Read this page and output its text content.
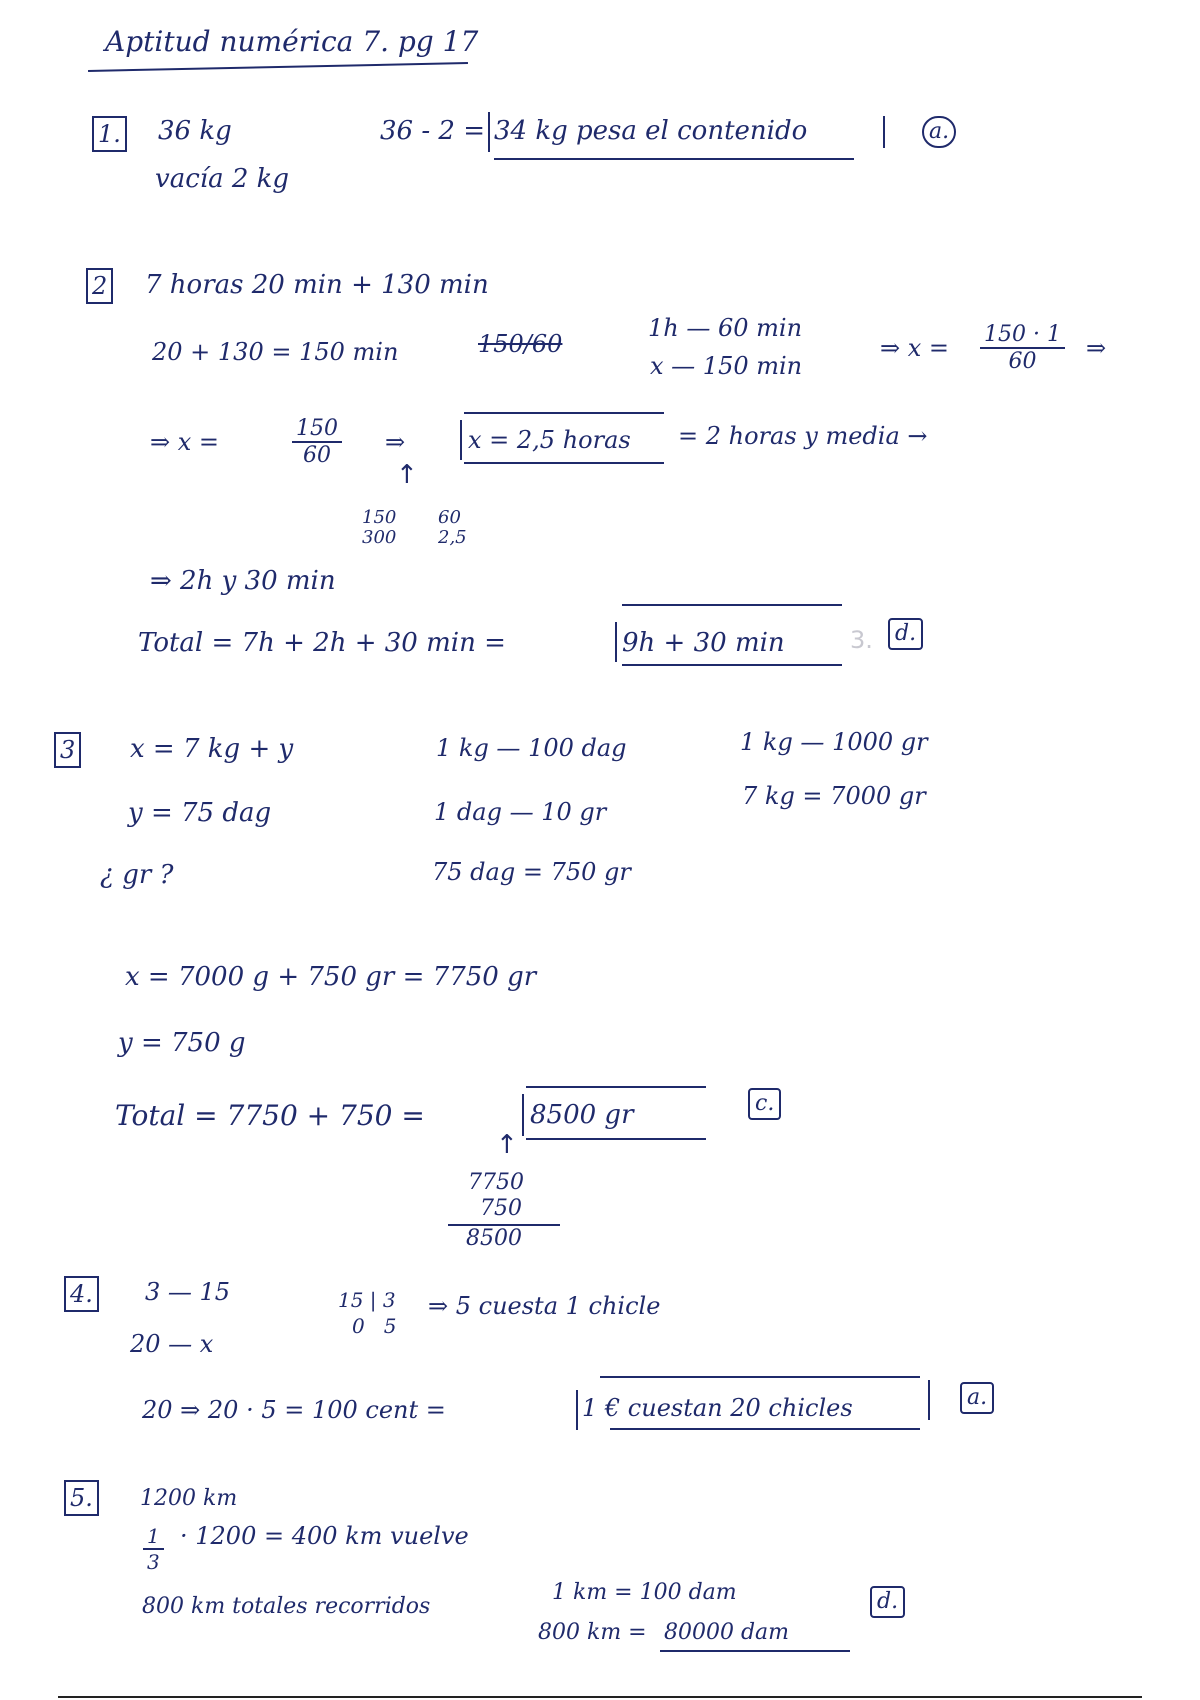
Aptitud numérica 7. pg 17
1. 36 kg
vacía 2 kg
36 - 2 = 34 kg pesa el contenido	a.
2 7 horas 20 min + 130 min
20 + 130 = 150 min	150/60
1h — 60 min
x — 150 min
⇒ $x = \frac{150 \cdot 1}{60}$ ⇒
⇒ x =	$\frac{150}{60}$ ⇒	x = 2,5 horas = 2 horas y media →
↑
150
300
60
2,5
⇒ 2h y 30 min
Total = 7h + 2h + 30 min =	9h + 30 min	d.
3.
3 x = 7 kg + y
y = 75 dag
¿ gr ?
1 kg — 100 dag
1 dag — 10 gr
75 dag = 750 gr
1 kg — 1000 gr
7 kg = 7000 gr
x = 7000 g + 750 gr = 7750 gr
y = 750 g
Total = 7750 + 750 =	8500 gr	c.
↑
7750
750
8500
4. 3 — 15
20 — x
15 | 3
0   5
⇒ 5 cuesta 1 chicle
20 ⇒ 20 · 5 = 100 cent =	1 € cuestan 20 chicles	a.
5. 1200 km
$\frac{1}{3} \cdot 1200 = 400$ km vuelve
800 km totales recorridos
1 km = 100 dam
800 km = 80000 dam
d.
